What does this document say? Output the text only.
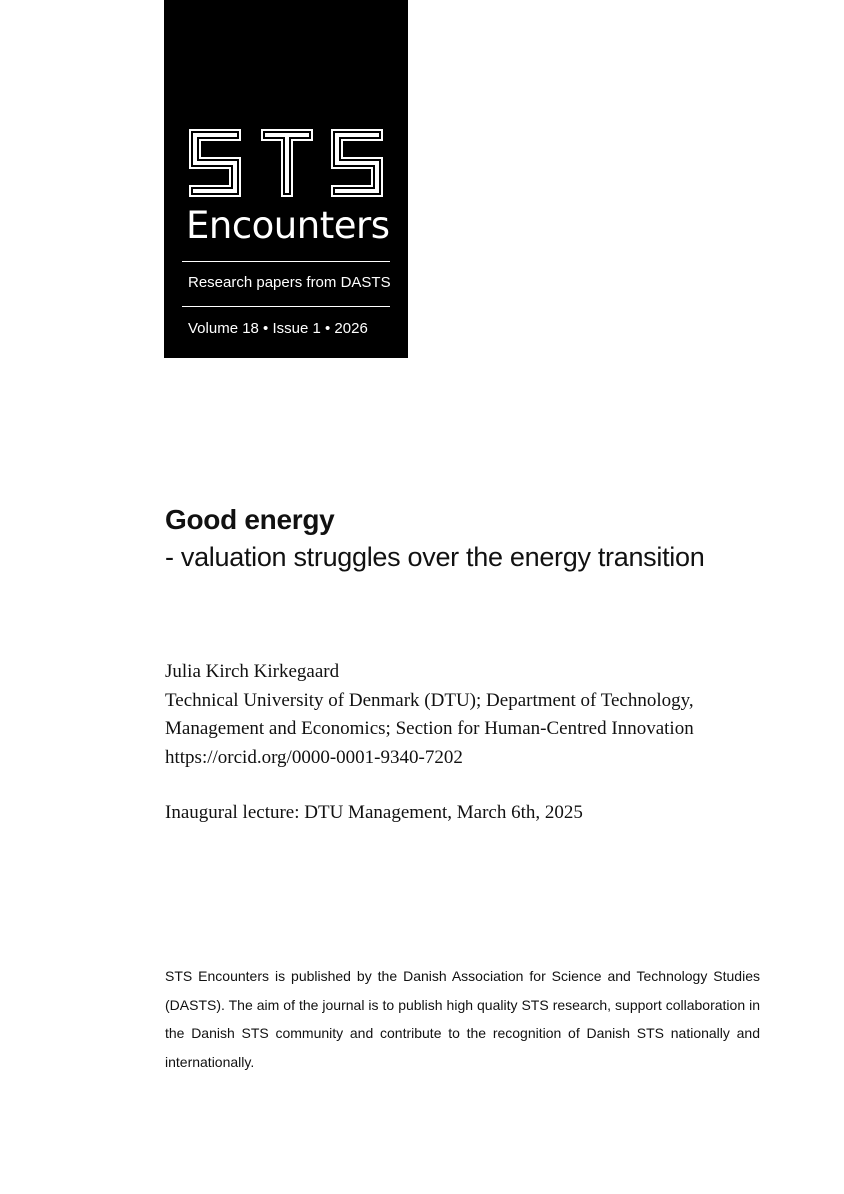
Encounters
Research papers from DASTS
Volume 18 • Issue 1 • 2026
Good energy
- valuation struggles over the energy transition
Julia Kirch Kirkegaard
Technical University of Denmark (DTU); Department of Technology,
Management and Economics; Section for Human-Centred Innovation
https://orcid.org/0000-0001-9340-7202
Inaugural lecture: DTU Management, March 6th, 2025

STS Encounters is published by the Danish Association for Science and Technology Studies (DASTS). The aim of the journal is to publish high quality STS research, support collaboration in the Danish STS community and contribute to the recognition of Danish STS nationally and internationally.
